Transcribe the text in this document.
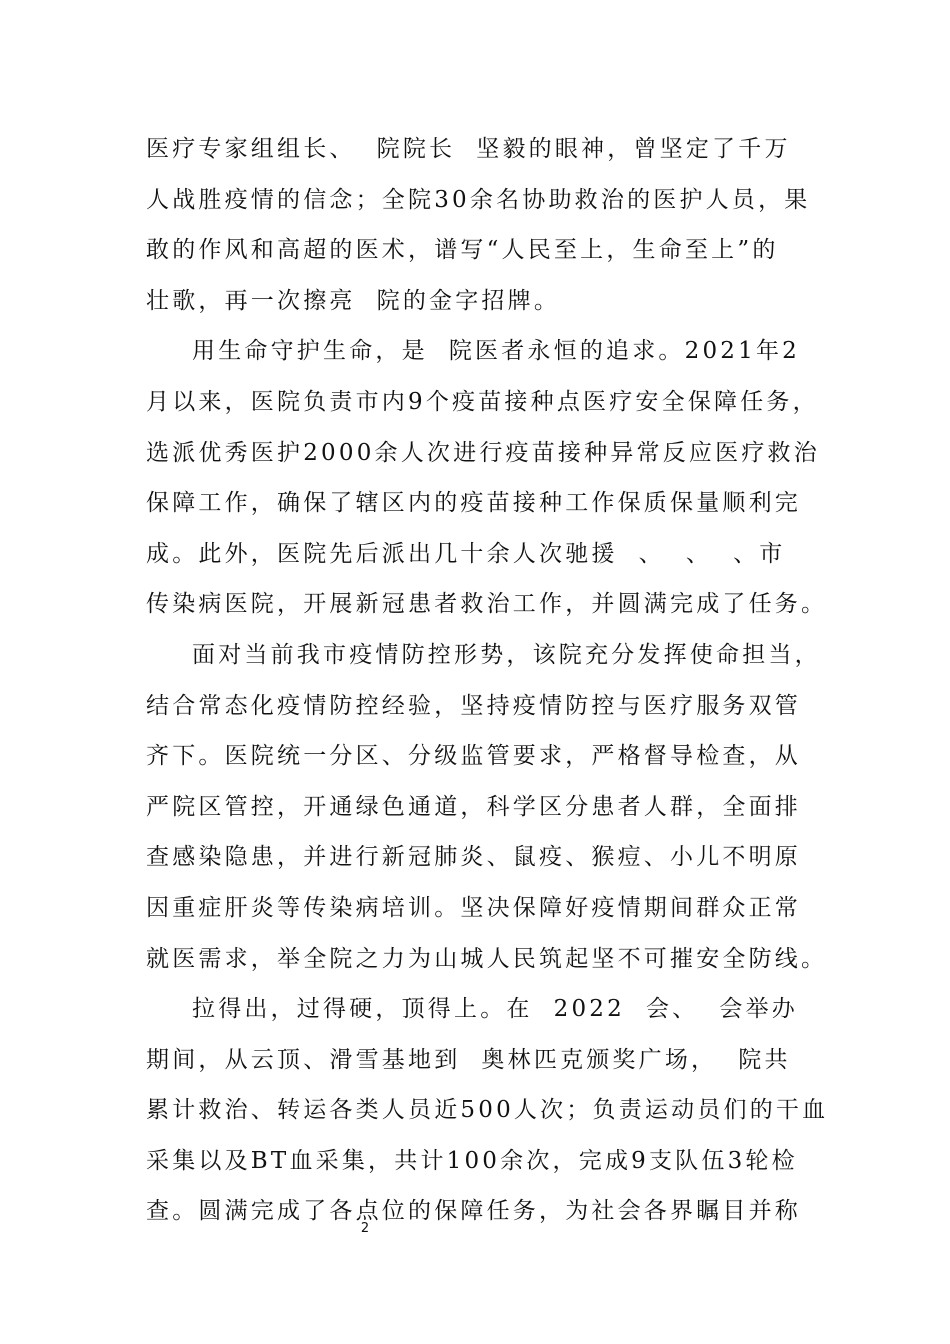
医疗专家组组长、  院院长  坚毅的眼神，曾坚定了千万
人战胜疫情的信念；全院30余名协助救治的医护人员，果
敢的作风和高超的医术，谱写“人民至上，生命至上”的
壮歌，再一次擦亮  院的金字招牌。
用生命守护生命，是  院医者永恒的追求。2021年2
月以来，医院负责市内9个疫苗接种点医疗安全保障任务，
选派优秀医护2000余人次进行疫苗接种异常反应医疗救治
保障工作，确保了辖区内的疫苗接种工作保质保量顺利完
成。此外，医院先后派出几十余人次驰援  、  、  、市
传染病医院，开展新冠患者救治工作，并圆满完成了任务。
面对当前我市疫情防控形势，该院充分发挥使命担当，
结合常态化疫情防控经验，坚持疫情防控与医疗服务双管
齐下。医院统一分区、分级监管要求，严格督导检查，从
严院区管控，开通绿色通道，科学区分患者人群，全面排
查感染隐患，并进行新冠肺炎、鼠疫、猴痘、小儿不明原
因重症肝炎等传染病培训。坚决保障好疫情期间群众正常
就医需求，举全院之力为山城人民筑起坚不可摧安全防线。
拉得出，过得硬，顶得上。在  2022  会、  会举办
期间，从云顶、滑雪基地到  奥林匹克颁奖广场，  院共
累计救治、转运各类人员近500人次；负责运动员们的干血
采集以及BT血采集，共计100余次，完成9支队伍3轮检
查。圆满完成了各点位的保障任务，为社会各界瞩目并称
2
